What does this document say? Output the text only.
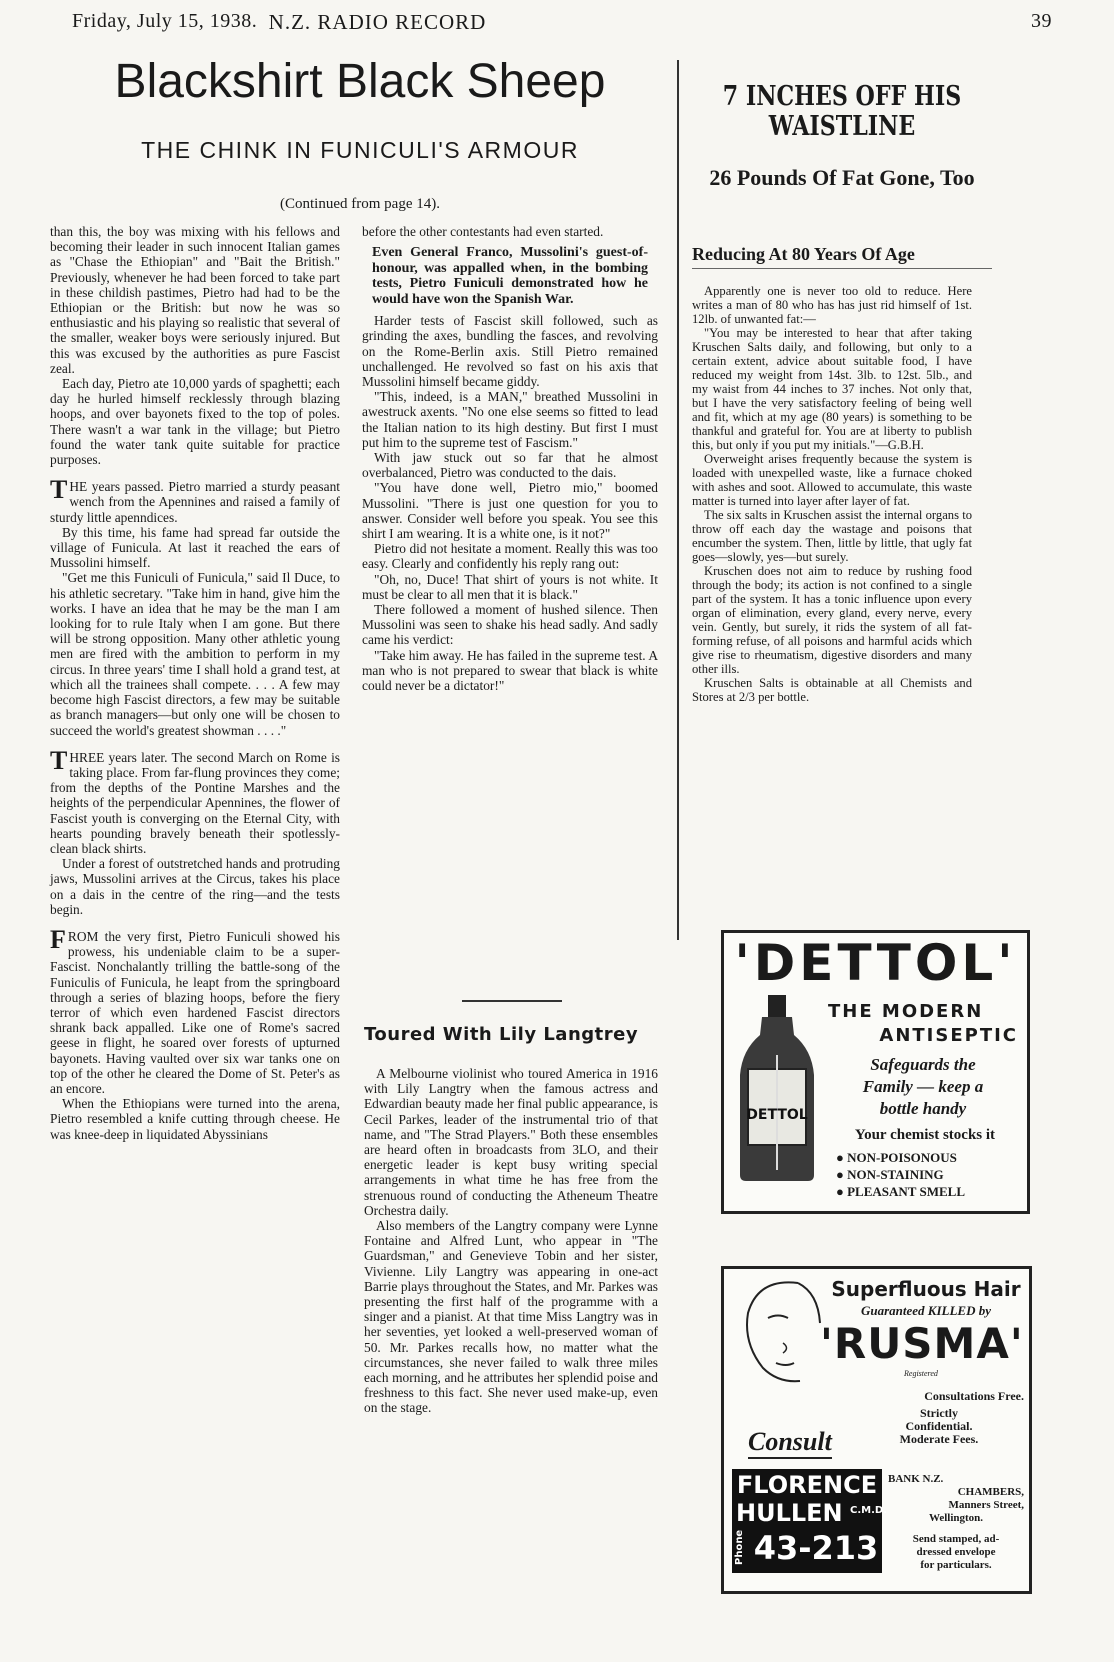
Friday, July 15, 1938. N.Z. RADIO RECORD	39
Blackshirt Black Sheep
THE CHINK IN FUNICULI'S ARMOUR
(Continued from page 14).

than this, the boy was mixing with his fellows and becoming their leader in such innocent Italian games as "Chase the Ethiopian" and "Bait the British." Previously, whenever he had been forced to take part in these childish pastimes, Pietro had had to be the Ethiopian or the British: but now he was so enthusiastic and his playing so realistic that several of the smaller, weaker boys were seriously injured. But this was excused by the authorities as pure Fascist zeal.

Each day, Pietro ate 10,000 yards of spaghetti; each day he hurled himself recklessly through blazing hoops, and over bayonets fixed to the top of poles. There wasn't a war tank in the village; but Pietro found the water tank quite suitable for practice purposes.

THE years passed. Pietro married a sturdy peasant wench from the Apennines and raised a family of sturdy little apenndices.

By this time, his fame had spread far outside the village of Funicula. At last it reached the ears of Mussolini himself.

"Get me this Funiculi of Funicula," said Il Duce, to his athletic secretary. "Take him in hand, give him the works. I have an idea that he may be the man I am looking for to rule Italy when I am gone. But there will be strong opposition. Many other athletic young men are fired with the ambition to perform in my circus. In three years' time I shall hold a grand test, at which all the trainees shall compete. . . . A few may become high Fascist directors, a few may be suitable as branch managers—but only one will be chosen to succeed the world's greatest showman . . . ."

THREE years later. The second March on Rome is taking place. From far-flung provinces they come; from the depths of the Pontine Marshes and the heights of the perpendicular Apennines, the flower of Fascist youth is converging on the Eternal City, with hearts pounding bravely beneath their spotlessly-clean black shirts.

Under a forest of outstretched hands and protruding jaws, Mussolini arrives at the Circus, takes his place on a dais in the centre of the ring—and the tests begin.

FROM the very first, Pietro Funiculi showed his prowess, his undeniable claim to be a super-Fascist. Nonchalantly trilling the battle-song of the Funiculis of Funicula, he leapt from the springboard through a series of blazing hoops, before the fiery terror of which even hardened Fascist directors shrank back appalled. Like one of Rome's sacred geese in flight, he soared over forests of upturned bayonets. Having vaulted over six war tanks one on top of the other he cleared the Dome of St. Peter's as an encore.

When the Ethiopians were turned into the arena, Pietro resembled a knife cutting through cheese. He was knee-deep in liquidated Abyssinians

before the other contestants had even started.

Even General Franco, Mussolini's guest-of-honour, was appalled when, in the bombing tests, Pietro Funiculi demonstrated how he would have won the Spanish War.

Harder tests of Fascist skill followed, such as grinding the axes, bundling the fasces, and revolving on the Rome-Berlin axis. Still Pietro remained unchallenged. He revolved so fast on his axis that Mussolini himself became giddy.

"This, indeed, is a MAN," breathed Mussolini in awestruck axents. "No one else seems so fitted to lead the Italian nation to its high destiny. But first I must put him to the supreme test of Fascism."

With jaw stuck out so far that he almost overbalanced, Pietro was conducted to the dais.

"You have done well, Pietro mio," boomed Mussolini. "There is just one question for you to answer. Consider well before you speak. You see this shirt I am wearing. It is a white one, is it not?"

Pietro did not hesitate a moment. Really this was too easy. Clearly and confidently his reply rang out:

"Oh, no, Duce! That shirt of yours is not white. It must be clear to all men that it is black."

There followed a moment of hushed silence. Then Mussolini was seen to shake his head sadly. And sadly came his verdict:

"Take him away. He has failed in the supreme test. A man who is not prepared to swear that black is white could never be a dictator!"

Toured With Lily Langtrey

A Melbourne violinist who toured America in 1916 with Lily Langtry when the famous actress and Edwardian beauty made her final public appearance, is Cecil Parkes, leader of the instrumental trio of that name, and "The Strad Players." Both these ensembles are heard often in broadcasts from 3LO, and their energetic leader is kept busy writing special arrangements in what time he has free from the strenuous round of conducting the Atheneum Theatre Orchestra daily.

Also members of the Langtry company were Lynne Fontaine and Alfred Lunt, who appear in "The Guardsman," and Genevieve Tobin and her sister, Vivienne. Lily Langtry was appearing in one-act Barrie plays throughout the States, and Mr. Parkes was presenting the first half of the programme with a singer and a pianist. At that time Miss Langtry was in her seventies, yet looked a well-preserved woman of 50. Mr. Parkes recalls how, no matter what the circumstances, she never failed to walk three miles each morning, and he attributes her splendid poise and freshness to this fact. She never used make-up, even on the stage.

7 INCHES OFF HIS WAISTLINE
26 Pounds Of Fat Gone, Too
Reducing At 80 Years Of Age

Apparently one is never too old to reduce. Here writes a man of 80 who has has just rid himself of 1st. 12lb. of unwanted fat:—

"You may be interested to hear that after taking Kruschen Salts daily, and following, but only to a certain extent, advice about suitable food, I have reduced my weight from 14st. 3lb. to 12st. 5lb., and my waist from 44 inches to 37 inches. Not only that, but I have the very satisfactory feeling of being well and fit, which at my age (80 years) is something to be thankful and grateful for. You are at liberty to publish this, but only if you put my initials."—G.B.H.

Overweight arises frequently because the system is loaded with unexpelled waste, like a furnace choked with ashes and soot. Allowed to accumulate, this waste matter is turned into layer after layer of fat.

The six salts in Kruschen assist the internal organs to throw off each day the wastage and poisons that encumber the system. Then, little by little, that ugly fat goes—slowly, yes—but surely.

Kruschen does not aim to reduce by rushing food through the body; its action is not confined to a single part of the system. It has a tonic influence upon every organ of elimination, every gland, every nerve, every vein. Gently, but surely, it rids the system of all fat-forming refuse, of all poisons and harmful acids which give rise to rheumatism, digestive disorders and many other ills.

Kruschen Salts is obtainable at all Chemists and Stores at 2/3 per bottle.

'DETTOL'
DETTOL
THE MODERN
ANTISEPTIC
Safeguards the
Family — keep a
bottle handy
Your chemist stocks it
● NON-POISONOUS
● NON-STAINING
● PLEASANT SMELL
Superfluous Hair
Guaranteed KILLED by
'RUSMA'
Registered
Consultations Free.
Strictly
Confidential.
Moderate Fees.
Consult
FLORENCE
HULLEN C.M.D.
Phone 43-213
BANK N.Z.
CHAMBERS,
Manners Street,
Wellington.
Send stamped, ad-
dressed envelope
for particulars.
